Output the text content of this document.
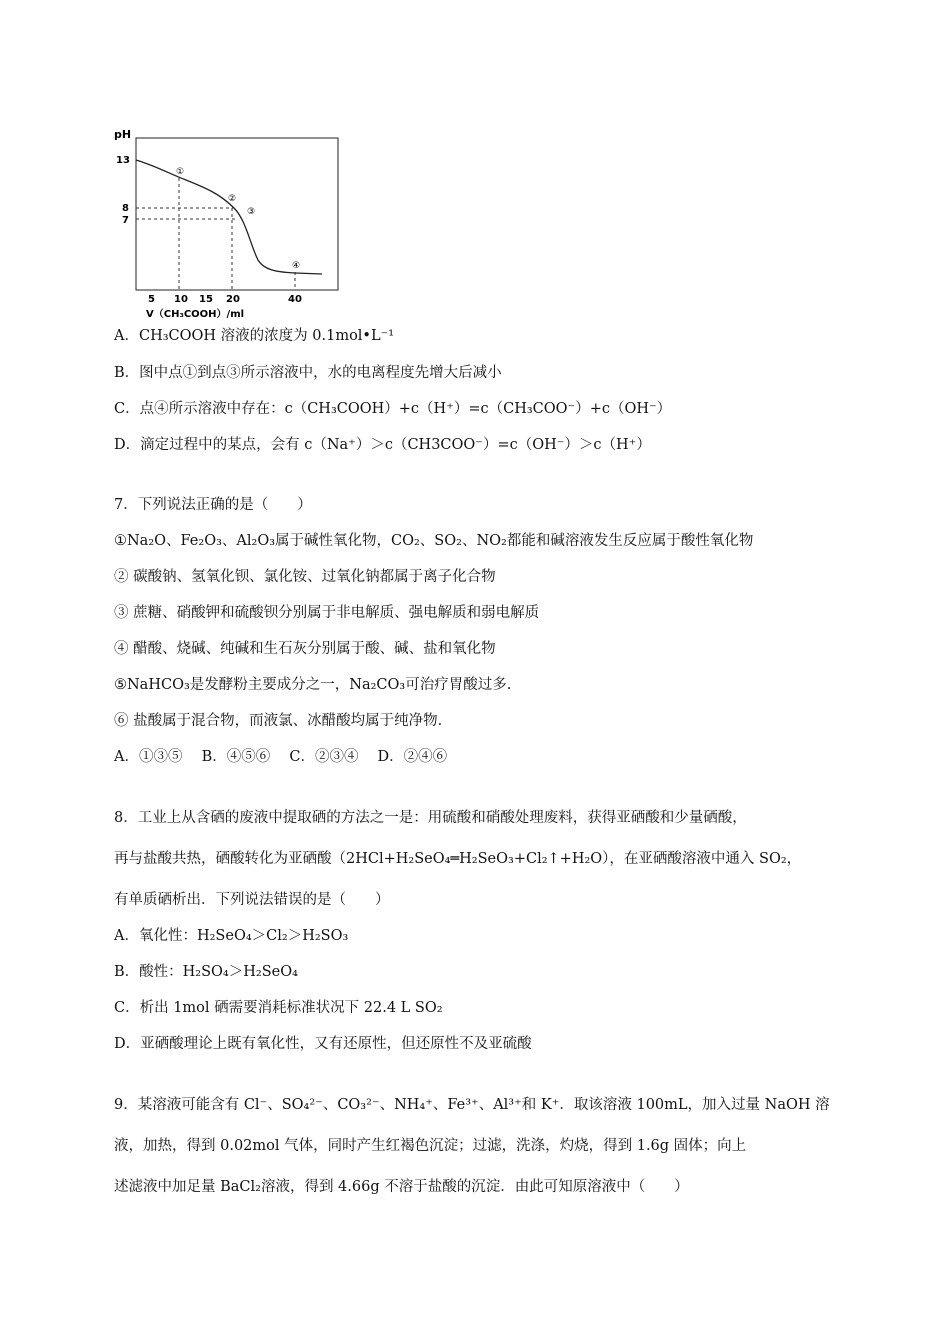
pH
13
8
7
①
②
③
④
5 10 15 20	40
V（CH₃COOH）/ml
A．CH₃COOH 溶液的浓度为 0.1mol•L⁻¹
B．图中点①到点③所示溶液中，水的电离程度先增大后减小
C．点④所示溶液中存在：c（CH₃COOH）+c（H⁺）=c（CH₃COO⁻）+c（OH⁻）
D．滴定过程中的某点，会有 c（Na⁺）＞c（CH3COO⁻）=c（OH⁻）＞c（H⁺）
7．下列说法正确的是（　　）
①Na₂O、Fe₂O₃、Al₂O₃属于碱性氧化物，CO₂、SO₂、NO₂都能和碱溶液发生反应属于酸性氧化物
② 碳酸钠、氢氧化钡、氯化铵、过氧化钠都属于离子化合物
③ 蔗糖、硝酸钾和硫酸钡分别属于非电解质、强电解质和弱电解质
④ 醋酸、烧碱、纯碱和生石灰分别属于酸、碱、盐和氧化物
⑤NaHCO₃是发酵粉主要成分之一，Na₂CO₃可治疗胃酸过多.
⑥ 盐酸属于混合物，而液氯、冰醋酸均属于纯净物.
A．①③⑤　 B．④⑤⑥　 C．②③④　 D．②④⑥
8．工业上从含硒的废液中提取硒的方法之一是：用硫酸和硝酸处理废料，获得亚硒酸和少量硒酸，
再与盐酸共热，硒酸转化为亚硒酸（2HCl+H₂SeO₄═H₂SeO₃+Cl₂↑+H₂O），在亚硒酸溶液中通入 SO₂，
有单质硒析出．下列说法错误的是（　　）
A．氧化性：H₂SeO₄＞Cl₂＞H₂SO₃
B．酸性：H₂SO₄＞H₂SeO₄
C．析出 1mol 硒需要消耗标准状况下 22.4 L SO₂
D．亚硒酸理论上既有氧化性，又有还原性，但还原性不及亚硫酸
9．某溶液可能含有 Cl⁻、SO₄²⁻、CO₃²⁻、NH₄⁺、Fe³⁺、Al³⁺和 K⁺．取该溶液 100mL，加入过量 NaOH 溶
液，加热，得到 0.02mol 气体，同时产生红褐色沉淀；过滤，洗涤，灼烧，得到 1.6g 固体；向上
述滤液中加足量 BaCl₂溶液，得到 4.66g 不溶于盐酸的沉淀．由此可知原溶液中（　　）
